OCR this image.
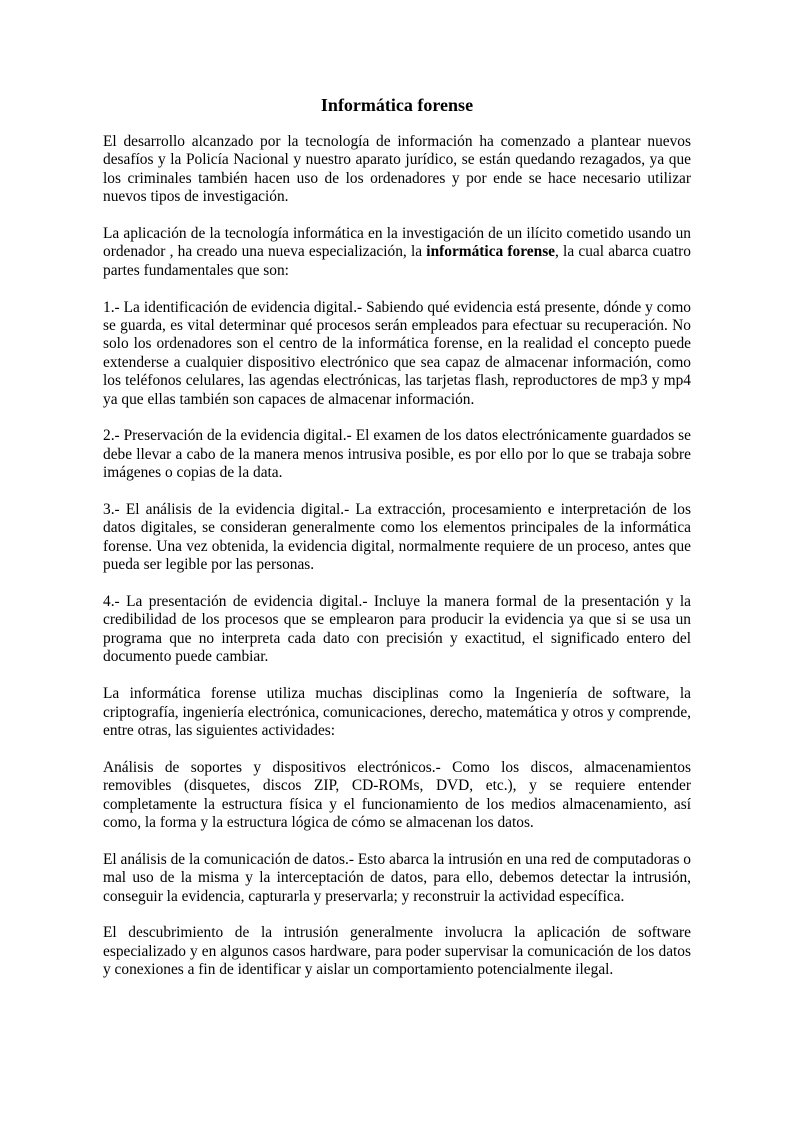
Informática forense

El desarrollo alcanzado por la tecnología de información ha comenzado a plantear nuevos desafíos y la Policía Nacional y nuestro aparato jurídico, se están quedando rezagados, ya que los criminales también hacen uso de los ordenadores y por ende se hace necesario utilizar nuevos tipos de investigación.

La aplicación de la tecnología informática en la investigación de un ilícito cometido usando un ordenador , ha creado una nueva especialización, la informática forense, la cual abarca cuatro partes fundamentales que son:

1.- La identificación de evidencia digital.- Sabiendo qué evidencia está presente, dónde y como se guarda, es vital determinar qué procesos serán empleados para efectuar su recuperación. No solo los ordenadores son el centro de la informática forense, en la realidad el concepto puede extenderse a cualquier dispositivo electrónico que sea capaz de almacenar información, como los teléfonos celulares, las agendas electrónicas, las tarjetas flash, reproductores de mp3 y mp4 ya que ellas también son capaces de almacenar información.

2.- Preservación de la evidencia digital.- El examen de los datos electrónicamente guardados se debe llevar a cabo de la manera menos intrusiva posible, es por ello por lo que se trabaja sobre imágenes o copias de la data.

3.- El análisis de la evidencia digital.- La extracción, procesamiento e interpretación de los datos digitales, se consideran generalmente como los elementos principales de la informática forense. Una vez obtenida, la evidencia digital, normalmente requiere de un proceso, antes que pueda ser legible por las personas.

4.- La presentación de evidencia digital.- Incluye la manera formal de la presentación y la credibilidad de los procesos que se emplearon para producir la evidencia ya que si se usa un programa que no interpreta cada dato con precisión y exactitud, el significado entero del documento puede cambiar.

La informática forense utiliza muchas disciplinas como la Ingeniería de software, la criptografía, ingeniería electrónica, comunicaciones, derecho, matemática y otros y comprende, entre otras, las siguientes actividades:

Análisis de soportes y dispositivos electrónicos.- Como los discos, almacenamientos removibles (disquetes, discos ZIP, CD-ROMs, DVD, etc.), y se requiere entender completamente la estructura física y el funcionamiento de los medios almacenamiento, así como, la forma y la estructura lógica de cómo se almacenan los datos.

El análisis de la comunicación de datos.- Esto abarca la intrusión en una red de computadoras o mal uso de la misma y la interceptación de datos, para ello, debemos detectar la intrusión, conseguir la evidencia, capturarla y preservarla; y reconstruir la actividad específica.

El descubrimiento de la intrusión generalmente involucra la aplicación de software especializado y en algunos casos hardware, para poder supervisar la comunicación de los datos y conexiones a fin de identificar y aislar un comportamiento potencialmente ilegal.
